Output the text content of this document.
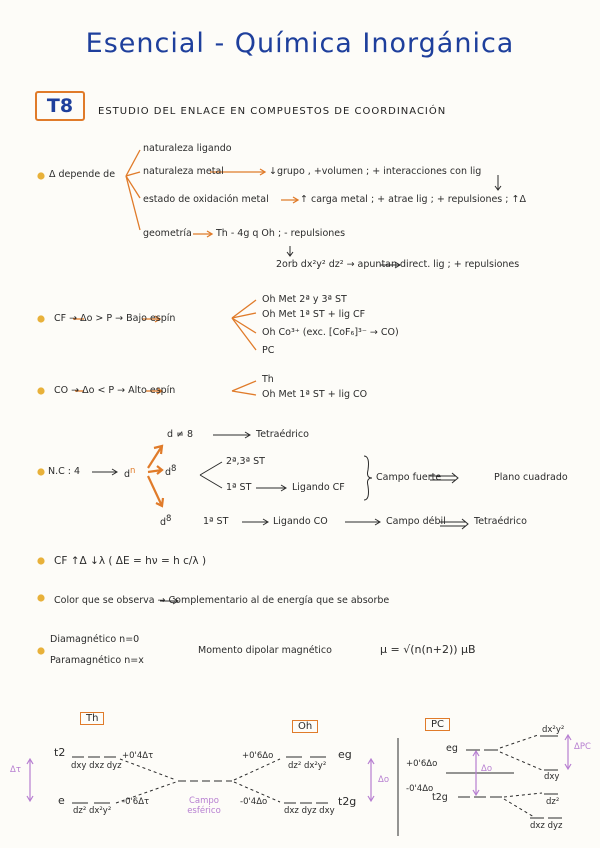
Esencial - Química Inorgánica
T8	ESTUDIO DEL ENLACE EN COMPUESTOS DE COORDINACIÓN
Δ depende de
naturaleza ligando
naturaleza metal	↓grupo , +volumen ; + interacciones con lig
estado de oxidación metal	↑ carga metal ; + atrae lig ; + repulsiones ; ↑Δ
geometría	Th - 4g q Oh ; - repulsiones
2orb dx²y² dz² → apuntan direct. lig ; + repulsiones
CF → Δo > P → Bajo espín
Oh Met 2ª y 3ª ST
Oh Met 1ª ST + lig CF
Oh Co³⁺ (exc. [CoF₆]³⁻ → CO)
PC
CO → Δo < P → Alto espín
Th
Oh Met 1ª ST + lig CO
N.C : 4	$d^n$
d ≠ 8	Tetraédrico
$d^8$
2ª,3ª ST
1ª ST	Ligando CF
Campo fuerte	Plano cuadrado
$d^8$	1ª ST	Ligando CO	Campo débil	Tetraédrico
CF ↑Δ ↓λ ( ΔE = hν = h c/λ )
Color que se observa → Complementario al de energía que se absorbe
Diamagnético n=0
Paramagnético n=x
Momento dipolar magnético	μ = √(n(n+2)) μB
Th
Oh	PC
t2
dxy dxz dyz
+0'4Δτ
e
dz² dx²y²
-0'6Δτ
Δτ
Campo esférico
+0'6Δo
dz² dx²y²
eg
-0'4Δo
dxz dyz dxy
t2g
Δo
eg
+0'6Δo
-0'4Δo
t2g
Δo
dx²y²
dxy
dz²
dxz dyz
ΔPC
